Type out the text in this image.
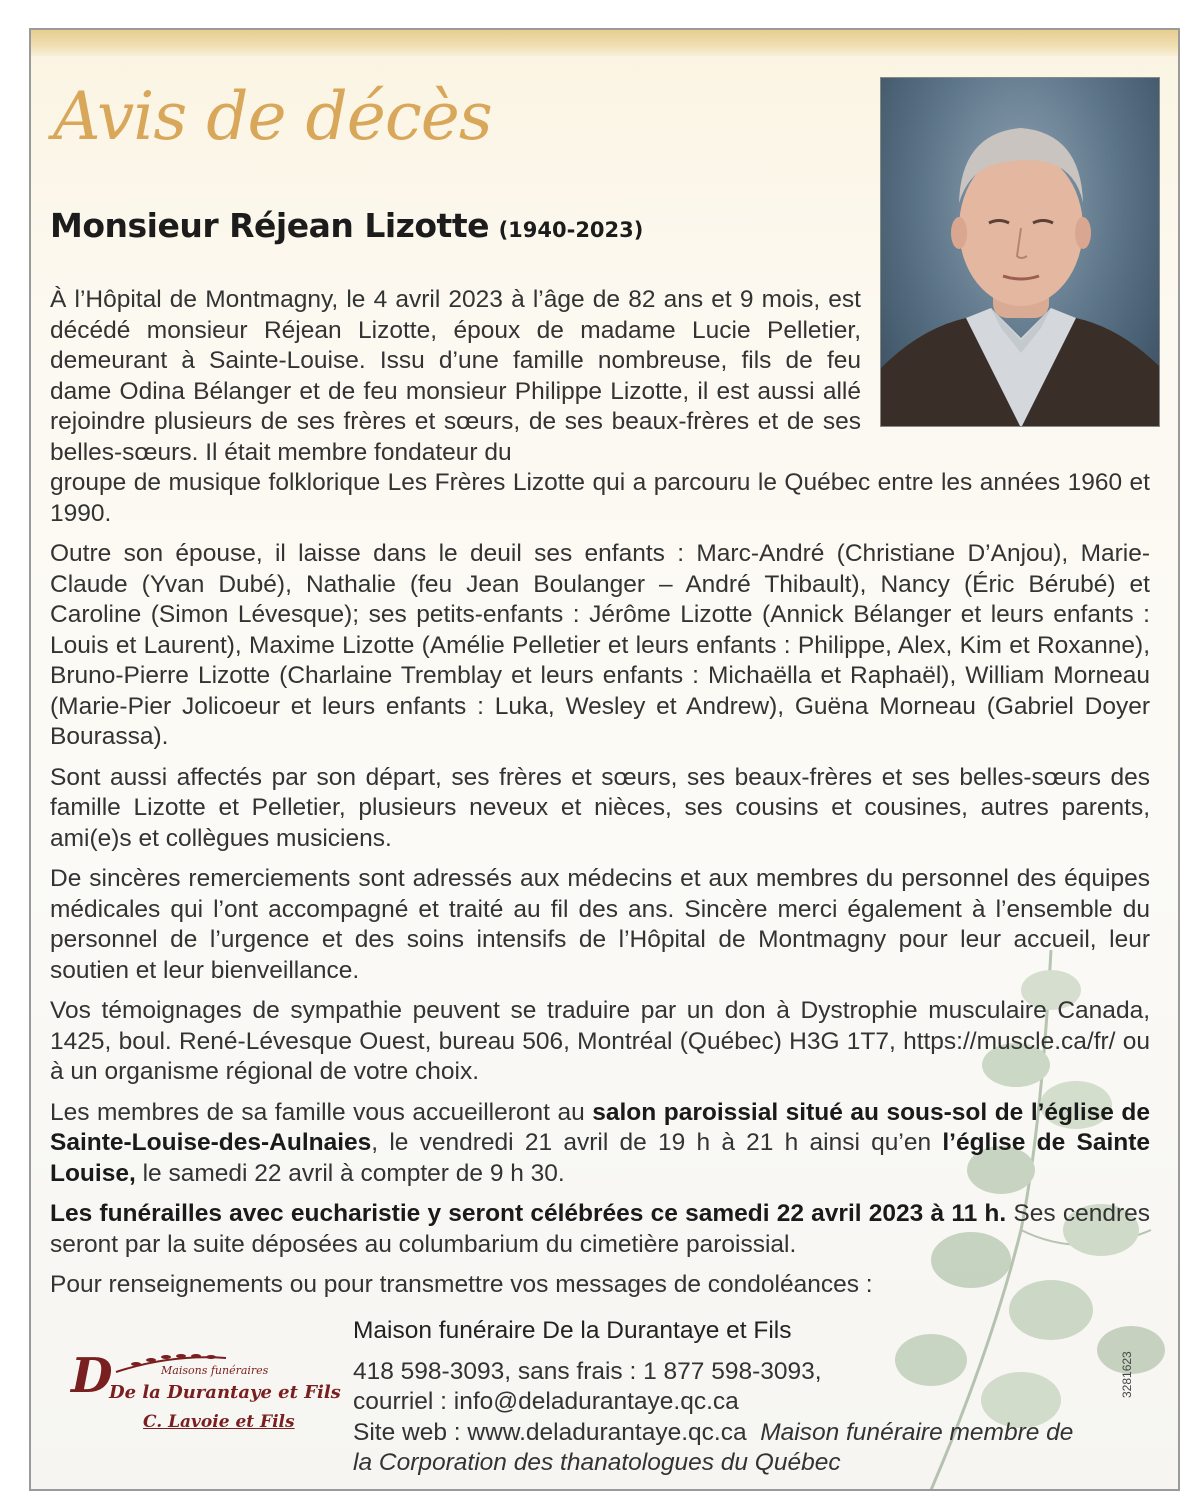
Avis de décès
Monsieur Réjean Lizotte (1940-2023)

À l’Hôpital de Montmagny, le 4 avril 2023 à l’âge de 82 ans et 9 mois, est décédé monsieur Réjean Lizotte, époux de madame Lucie Pelletier, demeurant à Sainte-Louise. Issu d’une famille nombreuse, fils de feu dame Odina Bélanger et de feu monsieur Philippe Lizotte, il est aussi allé rejoindre plusieurs de ses frères et sœurs, de ses beaux-frères et de ses belles-sœurs. Il était membre fondateur du

groupe de musique folklorique Les Frères Lizotte qui a parcouru le Québec entre les années 1960 et 1990.

Outre son épouse, il laisse dans le deuil ses enfants : Marc-André (Christiane D’Anjou), Marie-Claude (Yvan Dubé), Nathalie (feu Jean Boulanger – André Thibault), Nancy (Éric Bérubé) et Caroline (Simon Lévesque); ses petits-enfants : Jérôme Lizotte (Annick Bélanger et leurs enfants : Louis et Laurent), Maxime Lizotte (Amélie Pelletier et leurs enfants : Philippe, Alex, Kim et Roxanne), Bruno-Pierre Lizotte (Charlaine Tremblay et leurs enfants : Michaëlla et Raphaël), William Morneau (Marie-Pier Jolicoeur et leurs enfants : Luka, Wesley et Andrew), Guëna Morneau (Gabriel Doyer Bourassa).

Sont aussi affectés par son départ, ses frères et sœurs, ses beaux-frères et ses belles-sœurs des famille Lizotte et Pelletier, plusieurs neveux et nièces, ses cousins et cousines, autres parents, ami(e)s et collègues musiciens.

De sincères remerciements sont adressés aux médecins et aux membres du personnel des équipes médicales qui l’ont accompagné et traité au fil des ans. Sincère merci également à l’ensemble du personnel de l’urgence et des soins intensifs de l’Hôpital de Montmagny pour leur accueil, leur soutien et leur bienveillance.

Vos témoignages de sympathie peuvent se traduire par un don à Dystrophie musculaire Canada, 1425, boul. René-Lévesque Ouest, bureau 506, Montréal (Québec) H3G 1T7, https://muscle.ca/fr/ ou à un organisme régional de votre choix.

Les membres de sa famille vous accueilleront au salon paroissial situé au sous-sol de l’église de Sainte-Louise-des-Aulnaies, le vendredi 21 avril de 19 h à 21 h ainsi qu’en l’église de Sainte Louise, le samedi 22 avril à compter de 9 h 30.

Les funérailles avec eucharistie y seront célébrées ce samedi 22 avril 2023 à 11 h. Ses cendres seront par la suite déposées au columbarium du cimetière paroissial.

Pour renseignements ou pour transmettre vos messages de condoléances :

Maison funéraire De la Durantaye et Fils
418 598-3093, sans frais : 1 877 598-3093,
courriel : info@deladurantaye.qc.ca
Site web : www.deladurantaye.qc.ca Maison funéraire membre de
la Corporation des thanatologues du Québec
D	Maisons funéraires
De la Durantaye et Fils
C. Lavoie et Fils
3281623
